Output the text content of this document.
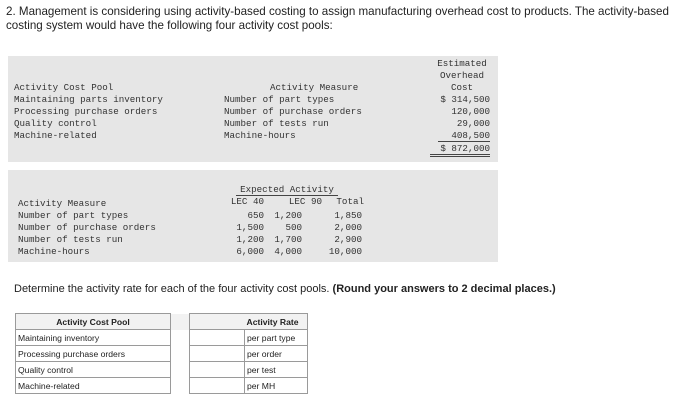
2. Management is considering using activity-based costing to assign manufacturing overhead cost to products. The activity-based costing system would have the following four activity cost pools:
Activity Cost Pool	Activity Measure
Estimated
Overhead
Cost
Maintaining parts inventory	Number of part types	$ 314,500
Processing purchase orders	Number of purchase orders	120,000
Quality control	Number of tests run	29,000
Machine-related	Machine-hours	408,500
$ 872,000
Expected Activity
Activity Measure	LEC 40	LEC 90	Total
Number of part types	650	1,200	1,850
Number of purchase orders	1,500	500	2,000
Number of tests run	1,200	1,700	2,900
Machine-hours	6,000	4,000	10,000
Determine the activity rate for each of the four activity cost pools. (Round your answers to 2 decimal places.)
Activity Cost Pool			Activity Rate
Maintaining inventory			per part type
Processing purchase orders			per order
Quality control			per test
Machine-related			per MH
